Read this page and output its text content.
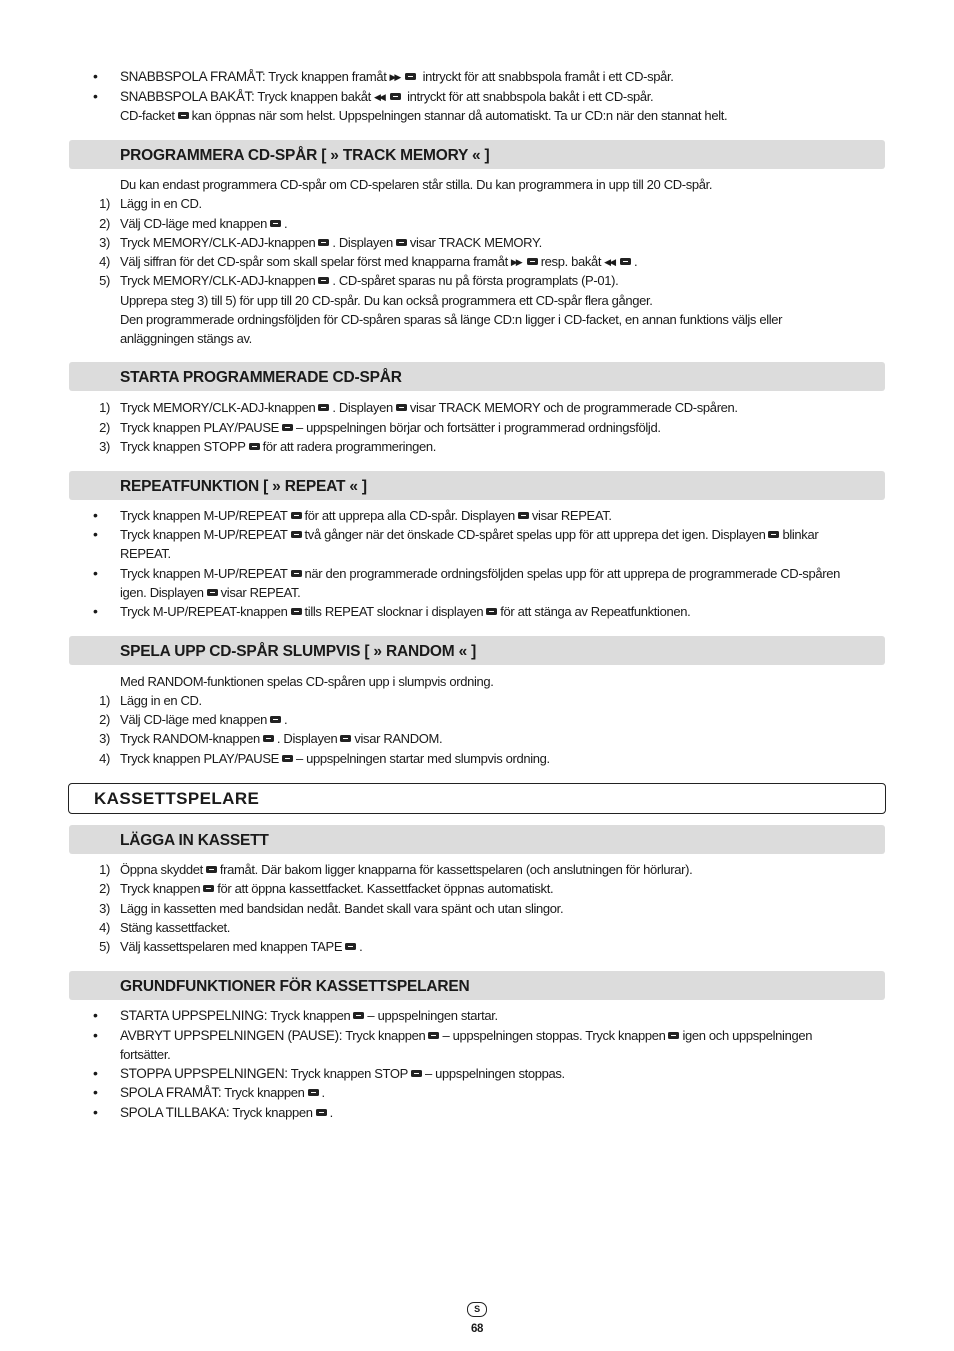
• SNABBSPOLA FRAMÅT: Tryck knappen framåt ▶▶ intryckt för att snabbspola framåt i ett CD-spår.
• SNABBSPOLA BAKÅT: Tryck knappen bakåt ◀◀ intryckt för att snabbspola bakåt i ett CD-spår.
CD-facket kan öppnas när som helst. Uppspelningen stannar då automatiskt. Ta ur CD:n när den stannat helt.
PROGRAMMERA CD-SPÅR [ » TRACK MEMORY « ]
Du kan endast programmera CD-spår om CD-spelaren står stilla. Du kan programmera in upp till 20 CD-spår.
1) Lägg in en CD.
2) Välj CD-läge med knappen .
3) Tryck MEMORY/CLK-ADJ-knappen . Displayen visar TRACK MEMORY.
4) Välj siffran för det CD-spår som skall spelar först med knapparna framåt ▶▶ resp. bakåt ◀◀ .
5) Tryck MEMORY/CLK-ADJ-knappen . CD-spåret sparas nu på första programplats (P-01).
Upprepa steg 3) till 5) för upp till 20 CD-spår. Du kan också programmera ett CD-spår flera gånger.
Den programmerade ordningsföljden för CD-spåren sparas så länge CD:n ligger i CD-facket, en annan funktions väljs eller
anläggningen stängs av.
STARTA PROGRAMMERADE CD-SPÅR
1) Tryck MEMORY/CLK-ADJ-knappen . Displayen visar TRACK MEMORY och de programmerade CD-spåren.
2) Tryck knappen PLAY/PAUSE – uppspelningen börjar och fortsätter i programmerad ordningsföljd.
3) Tryck knappen STOPP för att radera programmeringen.
REPEATFUNKTION [ » REPEAT « ]
• Tryck knappen M-UP/REPEAT för att upprepa alla CD-spår. Displayen visar REPEAT.
• Tryck knappen M-UP/REPEAT två gånger när det önskade CD-spåret spelas upp för att upprepa det igen. Displayen blinkar
REPEAT.
• Tryck knappen M-UP/REPEAT när den programmerade ordningsföljden spelas upp för att upprepa de programmerade CD-spåren
igen. Displayen visar REPEAT.
• Tryck M-UP/REPEAT-knappen tills REPEAT slocknar i displayen för att stänga av Repeatfunktionen.
SPELA UPP CD-SPÅR SLUMPVIS [ » RANDOM « ]
Med RANDOM-funktionen spelas CD-spåren upp i slumpvis ordning.
1) Lägg in en CD.
2) Välj CD-läge med knappen .
3) Tryck RANDOM-knappen . Displayen visar RANDOM.
4) Tryck knappen PLAY/PAUSE – uppspelningen startar med slumpvis ordning.
KASSETTSPELARE
LÄGGA IN KASSETT
1) Öppna skyddet framåt. Där bakom ligger knapparna för kassettspelaren (och anslutningen för hörlurar).
2) Tryck knappen för att öppna kassettfacket. Kassettfacket öppnas automatiskt.
3) Lägg in kassetten med bandsidan nedåt. Bandet skall vara spänt och utan slingor.
4) Stäng kassettfacket.
5) Välj kassettspelaren med knappen TAPE .
GRUNDFUNKTIONER FÖR KASSETTSPELAREN
• STARTA UPPSPELNING: Tryck knappen – uppspelningen startar.
• AVBRYT UPPSPELNINGEN (PAUSE): Tryck knappen – uppspelningen stoppas. Tryck knappen igen och uppspelningen
fortsätter.
• STOPPA UPPSPELNINGEN: Tryck knappen STOP – uppspelningen stoppas.
• SPOLA FRAMÅT: Tryck knappen .
• SPOLA TILLBAKA: Tryck knappen .
S
68
